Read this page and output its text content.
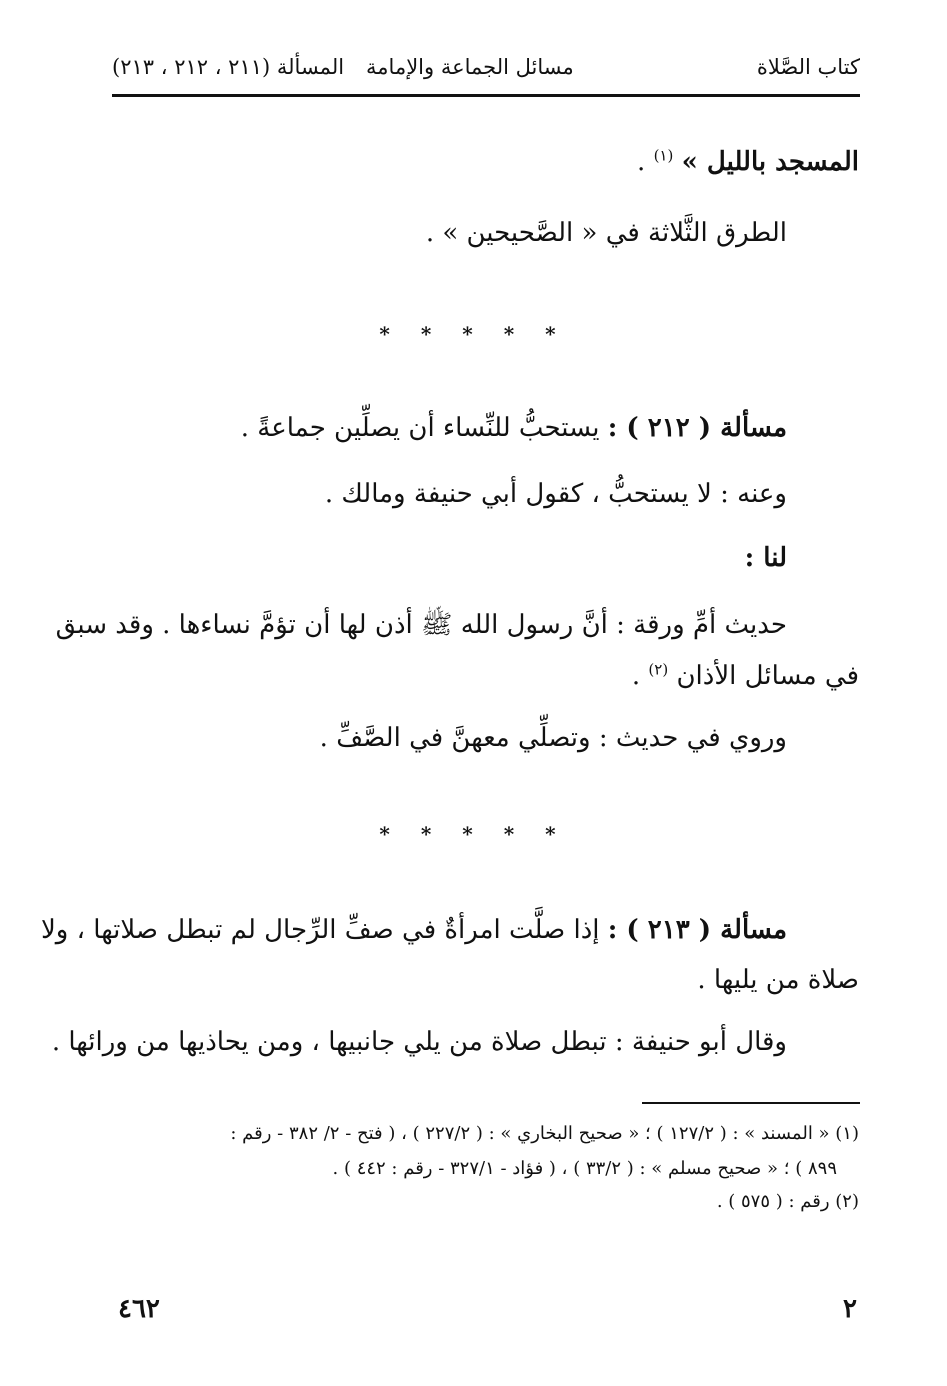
كتاب الصَّلاة
مسائل الجماعة والإمامةالمسألة (٢١١ ، ٢١٢ ، ٢١٣)
المسجد بالليل » $^{(١)}$ .
الطرق الثَّلاثة في « الصَّحيحين » .
* * * * *
مسألة ( ٢١٢ ) : يستحبُّ للنِّساء أن يصلِّين جماعةً .
وعنه : لا يستحبُّ ، كقول أبي حنيفة ومالك .
لنا :
حديث أمِّ ورقة : أنَّ رسول الله ﷺ أذن لها أن تؤمَّ نساءها . وقد سبق
في مسائل الأذان $^{(٢)}$ .
وروي في حديث : وتصلِّي معهنَّ في الصَّفِّ .
* * * * *
مسألة ( ٢١٣ ) : إذا صلَّت امرأةٌ في صفِّ الرِّجال لم تبطل صلاتها ، ولا
صلاة من يليها .
وقال أبو حنيفة : تبطل صلاة من يلي جانبيها ، ومن يحاذيها من ورائها .
(١) « المسند » : ( ١٢٧/٢ ) ؛ « صحيح البخاري » : ( ٢٢٧/٢ ) ، ( فتح - ٢/ ٣٨٢ - رقم :
٨٩٩ ) ؛ « صحيح مسلم » : ( ٣٣/٢ ) ، ( فؤاد - ٣٢٧/١ - رقم : ٤٤٢ ) .
(٢) رقم : ( ٥٧٥ ) .
٤٦٢	٢
